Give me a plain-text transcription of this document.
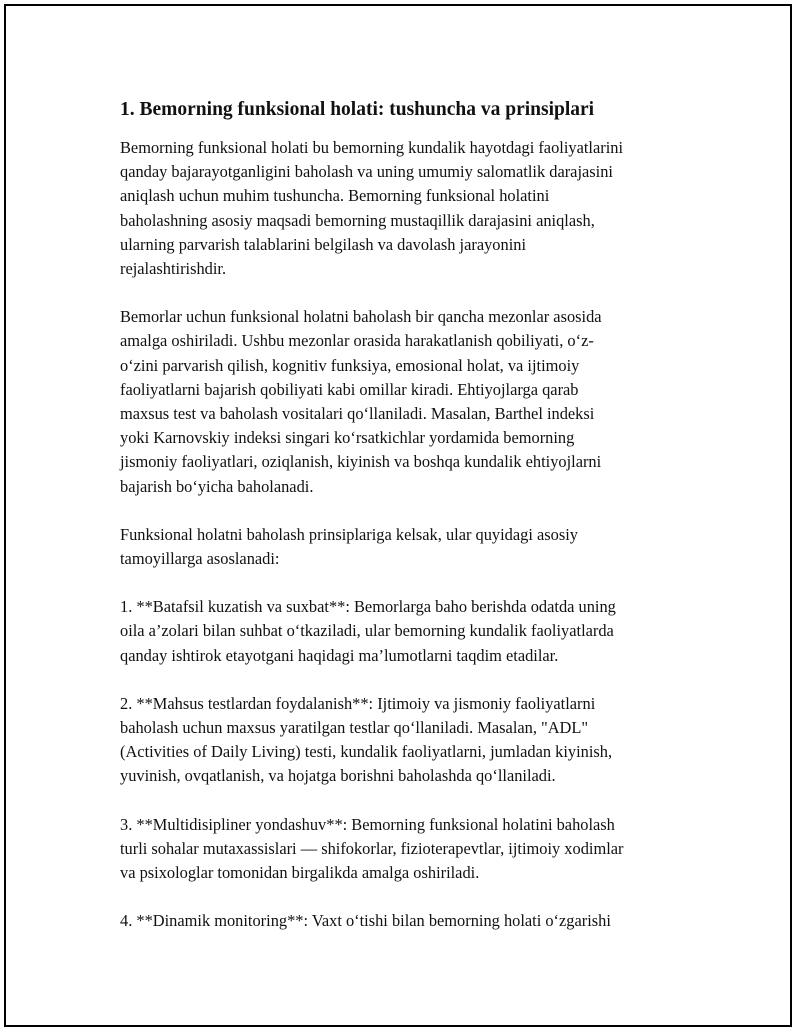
1. Bemorning funksional holati: tushuncha va prinsiplari
Bemorning funksional holati bu bemorning kundalik hayotdagi faoliyatlarini
qanday bajarayotganligini baholash va uning umumiy salomatlik darajasini
aniqlash uchun muhim tushuncha. Bemorning funksional holatini
baholashning asosiy maqsadi bemorning mustaqillik darajasini aniqlash,
ularning parvarish talablarini belgilash va davolash jarayonini
rejalashtirishdir.
Bemorlar uchun funksional holatni baholash bir qancha mezonlar asosida
amalga oshiriladi. Ushbu mezonlar orasida harakatlanish qobiliyati, o‘z-
o‘zini parvarish qilish, kognitiv funksiya, emosional holat, va ijtimoiy
faoliyatlarni bajarish qobiliyati kabi omillar kiradi. Ehtiyojlarga qarab
maxsus test va baholash vositalari qo‘llaniladi. Masalan, Barthel indeksi
yoki Karnovskiy indeksi singari ko‘rsatkichlar yordamida bemorning
jismoniy faoliyatlari, oziqlanish, kiyinish va boshqa kundalik ehtiyojlarni
bajarish bo‘yicha baholanadi.
Funksional holatni baholash prinsiplariga kelsak, ular quyidagi asosiy
tamoyillarga asoslanadi:
1. **Batafsil kuzatish va suxbat**: Bemorlarga baho berishda odatda uning
oila a’zolari bilan suhbat o‘tkaziladi, ular bemorning kundalik faoliyatlarda
qanday ishtirok etayotgani haqidagi ma’lumotlarni taqdim etadilar.
2. **Mahsus testlardan foydalanish**: Ijtimoiy va jismoniy faoliyatlarni
baholash uchun maxsus yaratilgan testlar qo‘llaniladi. Masalan, "ADL"
(Activities of Daily Living) testi, kundalik faoliyatlarni, jumladan kiyinish,
yuvinish, ovqatlanish, va hojatga borishni baholashda qo‘llaniladi.
3. **Multidisipliner yondashuv**: Bemorning funksional holatini baholash
turli sohalar mutaxassislari — shifokorlar, fizioterapevtlar, ijtimoiy xodimlar
va psixologlar tomonidan birgalikda amalga oshiriladi.
4. **Dinamik monitoring**: Vaxt o‘tishi bilan bemorning holati o‘zgarishi
